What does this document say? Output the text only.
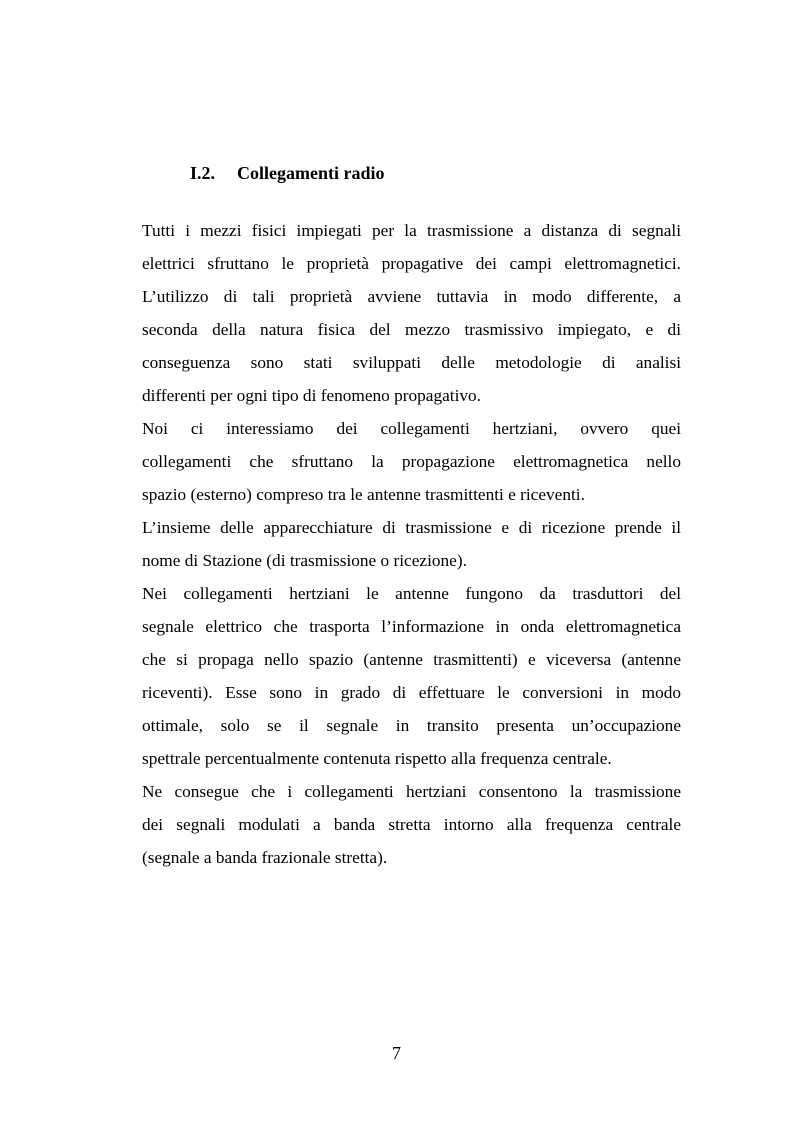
I.2. Collegamenti radio
Tutti i mezzi fisici impiegati per la trasmissione a distanza di segnali
elettrici sfruttano le proprietà propagative dei campi elettromagnetici.
L’utilizzo di tali proprietà avviene tuttavia in modo differente, a
seconda della natura fisica del mezzo trasmissivo impiegato, e di
conseguenza sono stati sviluppati delle metodologie di analisi
differenti per ogni tipo di fenomeno propagativo.
Noi ci interessiamo dei collegamenti hertziani, ovvero quei
collegamenti che sfruttano la propagazione elettromagnetica nello
spazio (esterno) compreso tra le antenne trasmittenti e riceventi.
L’insieme delle apparecchiature di trasmissione e di ricezione prende il
nome di Stazione (di trasmissione o ricezione).
Nei collegamenti hertziani le antenne fungono da trasduttori del
segnale elettrico che trasporta l’informazione in onda elettromagnetica
che si propaga nello spazio (antenne trasmittenti) e viceversa (antenne
riceventi). Esse sono in grado di effettuare le conversioni in modo
ottimale, solo se il segnale in transito presenta un’occupazione
spettrale percentualmente contenuta rispetto alla frequenza centrale.
Ne consegue che i collegamenti hertziani consentono la trasmissione
dei segnali modulati a banda stretta intorno alla frequenza centrale
(segnale a banda frazionale stretta).
7
